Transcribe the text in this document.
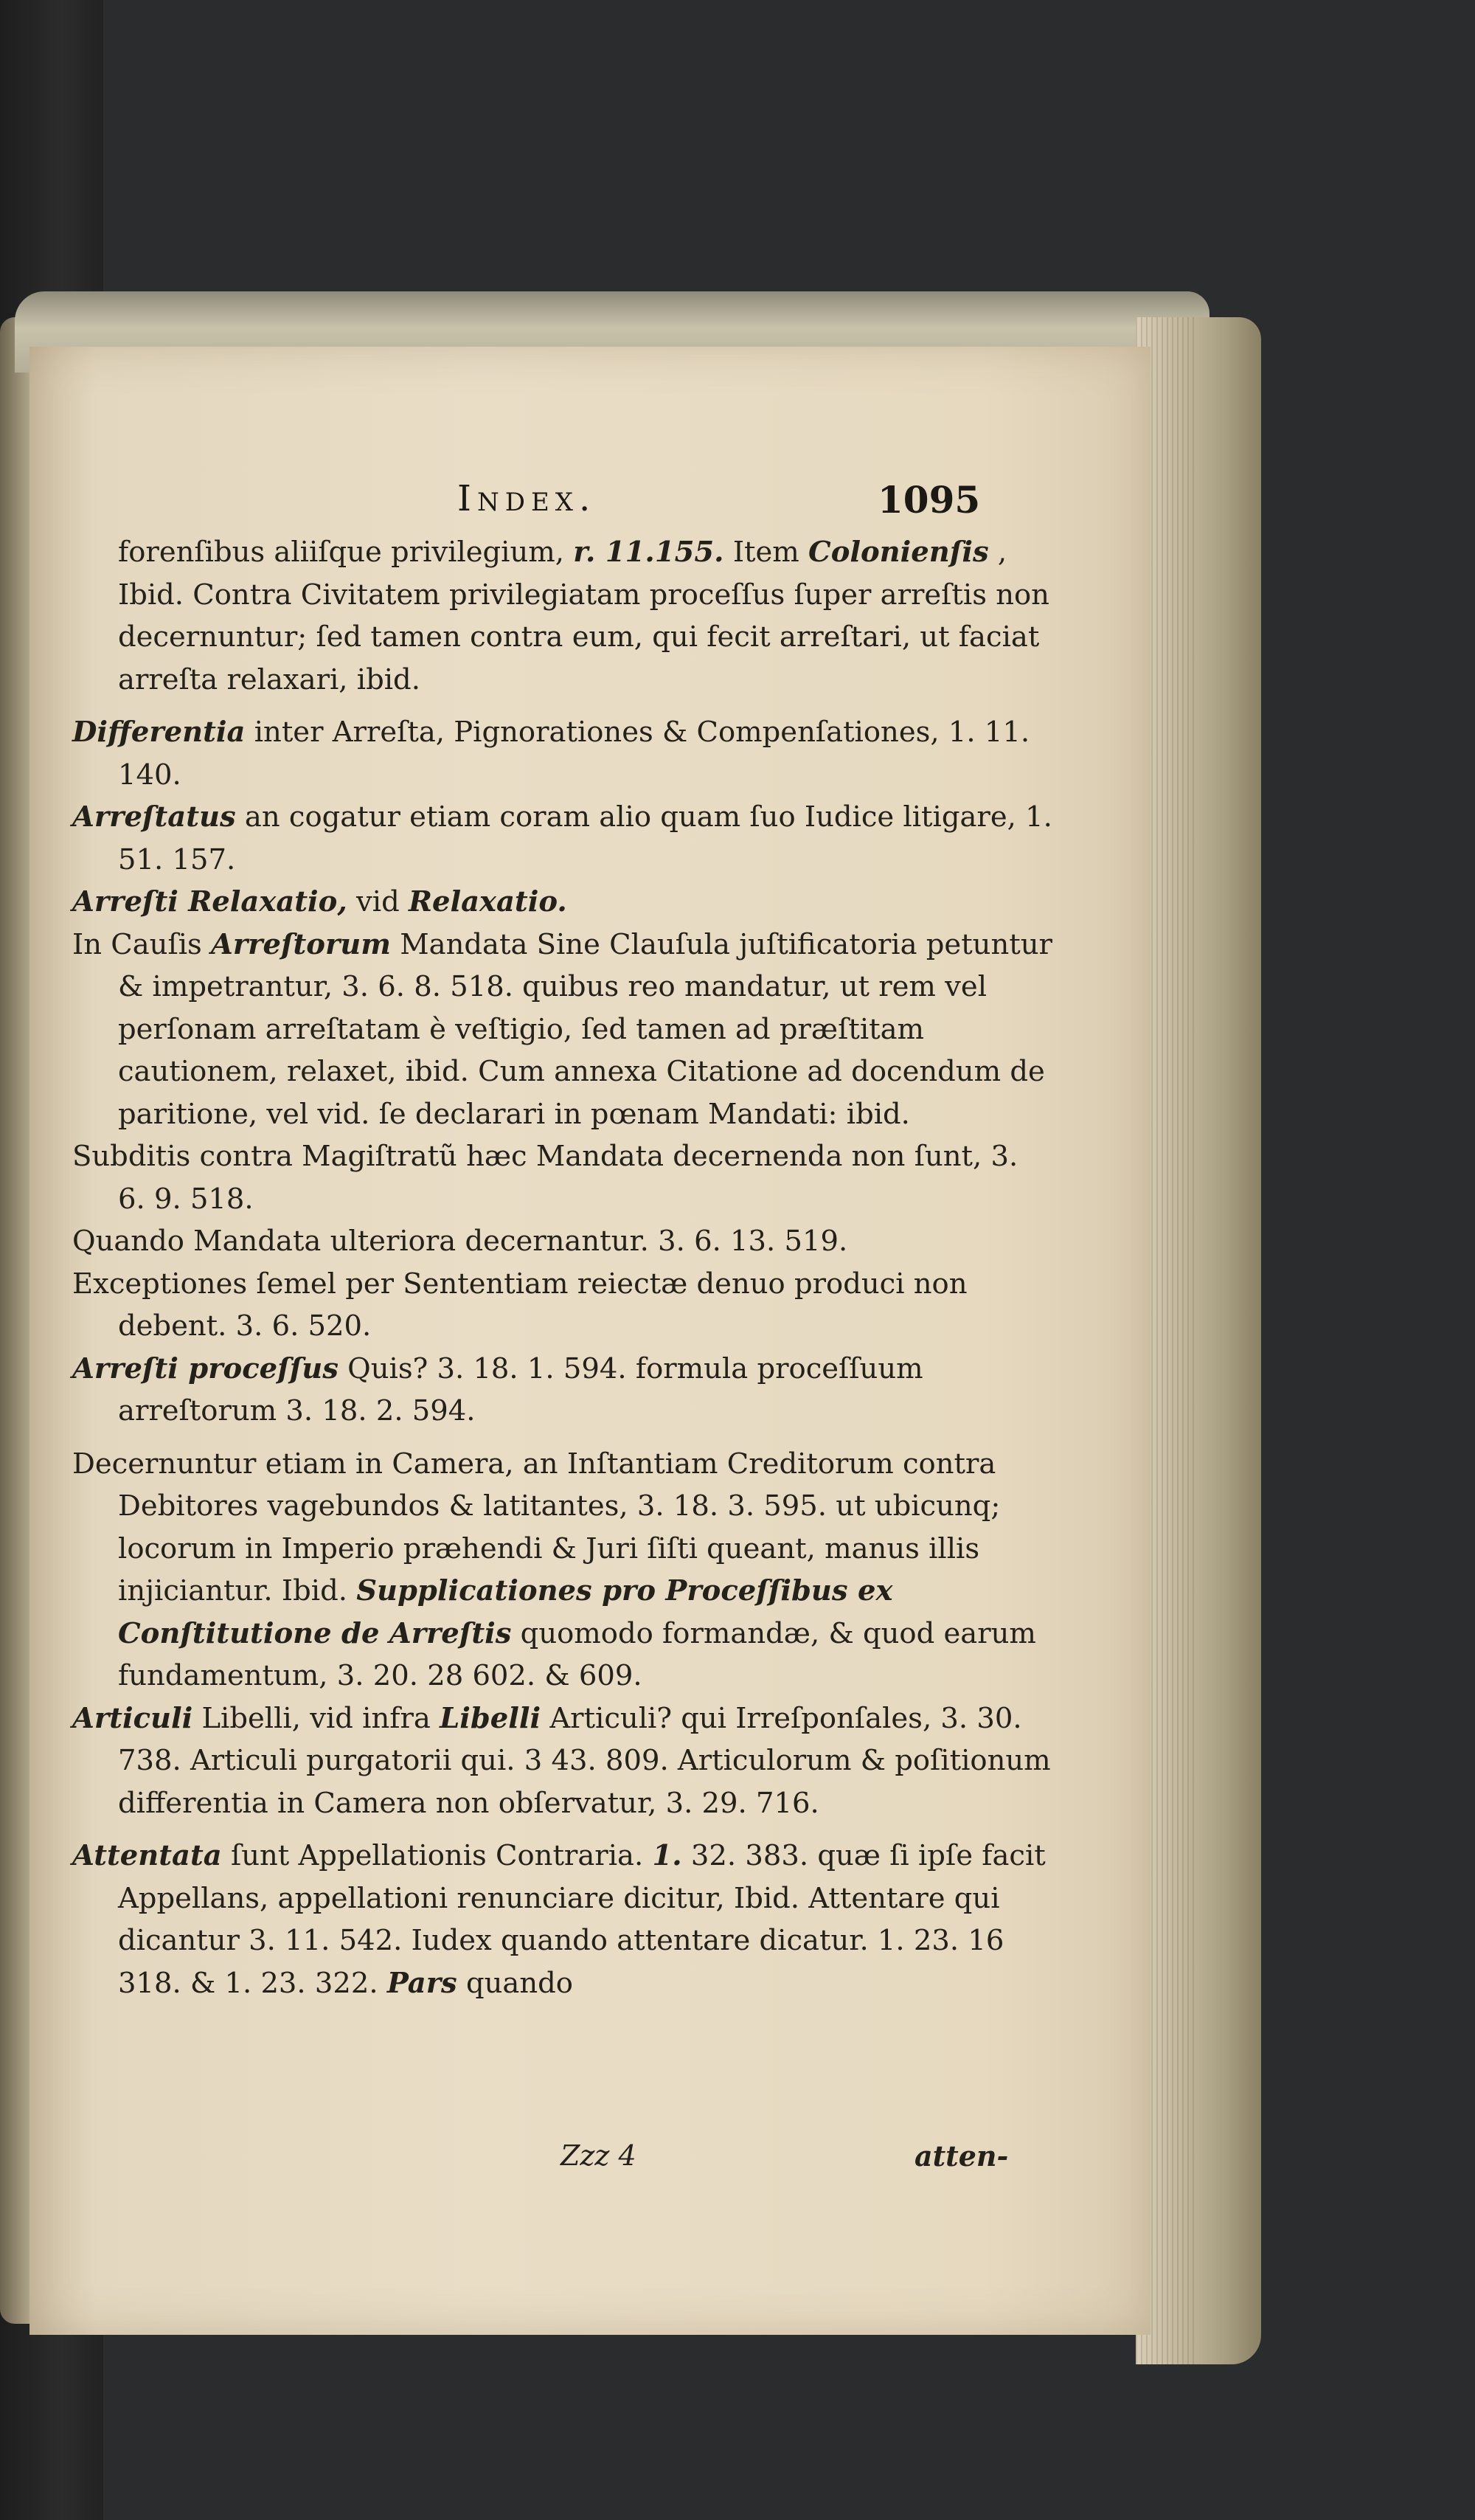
Index.	1095

forenſibus aliiſque privilegium, r. 11.155. Item Colonienſis , Ibid. Contra Civitatem privilegiatam proceſſus ſuper arreſtis non decernuntur; ſed tamen contra eum, qui fecit arreſtari, ut faciat arreſta relaxari, ibid.

Differentia inter Arreſta, Pignorationes & Compenſationes, 1. 11. 140.

Arreſtatus an cogatur etiam coram alio quam ſuo Iudice litigare, 1. 51. 157.

Arreſti Relaxatio, vid Relaxatio.

In Cauſis Arreſtorum Mandata Sine Clauſula juſtificatoria petuntur & impetrantur, 3. 6. 8. 518. quibus reo mandatur, ut rem vel perſonam arreſtatam è veſtigio, ſed tamen ad præſtitam cautionem, relaxet, ibid. Cum annexa Citatione ad docendum de paritione, vel vid. ſe declarari in pœnam Mandati: ibid.

Subditis contra Magiſtratũ hæc Mandata decernenda non ſunt, 3. 6. 9. 518.

Quando Mandata ulteriora decernantur. 3. 6. 13. 519.

Exceptiones ſemel per Sententiam reiectæ denuo produci non debent. 3. 6. 520.

Arreſti proceſſus Quis? 3. 18. 1. 594. formula proceſſuum arreſtorum 3. 18. 2. 594.

Decernuntur etiam in Camera, an Inſtantiam Creditorum contra Debitores vagebundos & latitantes, 3. 18. 3. 595. ut ubicunq; locorum in Imperio præhendi & Juri ſiſti queant, manus illis injiciantur. Ibid. Supplicationes pro Proceſſibus ex Conſtitutione de Arreſtis quomodo formandæ, & quod earum fundamentum, 3. 20. 28 602. & 609.

Articuli Libelli, vid infra Libelli Articuli? qui Irreſponſales, 3. 30. 738. Articuli purgatorii qui. 3 43. 809. Articulorum & poſitionum differentia in Camera non obſervatur, 3. 29. 716.

Attentata ſunt Appellationis Contraria. 1. 32. 383. quæ ſi ipſe facit Appellans, appellationi renunciare dicitur, Ibid. Attentare qui dicantur 3. 11. 542. Iudex quando attentare dicatur. 1. 23. 16 318. & 1. 23. 322. Pars quando

Zzz 4	atten-
